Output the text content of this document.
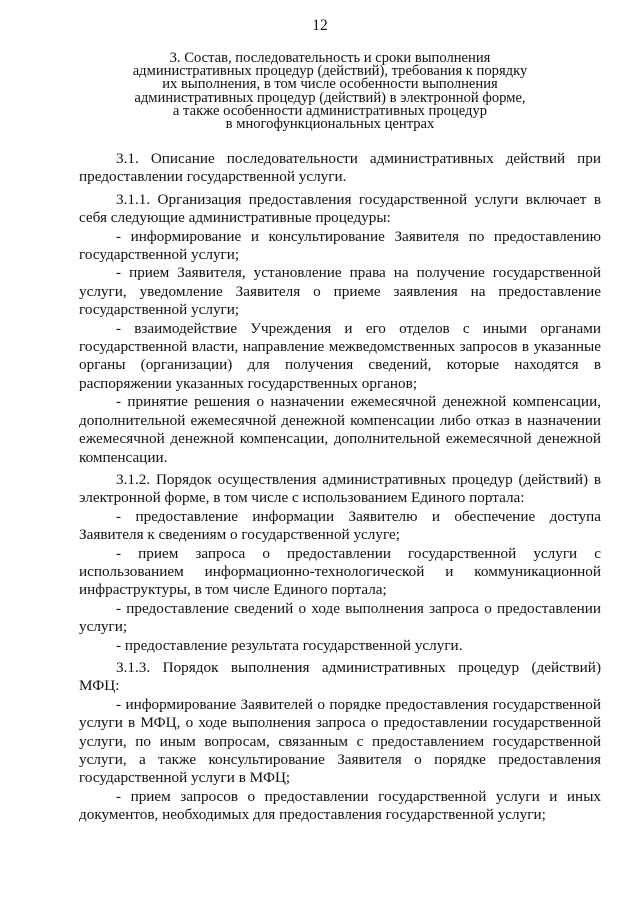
12
3. Состав, последовательность и сроки выполнения
административных процедур (действий), требования к порядку
их выполнения, в том числе особенности выполнения
административных процедур (действий) в электронной форме,
а также особенности административных процедур
в многофункциональных центрах

3.1. Описание последовательности административных действий при предоставлении государственной услуги.

3.1.1. Организация предоставления государственной услуги включает в себя следующие административные процедуры:

- информирование и консультирование Заявителя по предоставлению государственной услуги;

- прием Заявителя, установление права на получение государственной услуги, уведомление Заявителя о приеме заявления на предоставление государственной услуги;

- взаимодействие Учреждения и его отделов с иными органами государственной власти, направление межведомственных запросов в указанные органы (организации) для получения сведений, которые находятся в распоряжении указанных государственных органов;

- принятие решения о назначении ежемесячной денежной компенсации, дополнительной ежемесячной денежной компенсации либо отказ в назначении ежемесячной денежной компенсации, дополнительной ежемесячной денежной компенсации.

3.1.2. Порядок осуществления административных процедур (действий) в электронной форме, в том числе с использованием Единого портала:

- предоставление информации Заявителю и обеспечение доступа Заявителя к сведениям о государственной услуге;

- прием запроса о предоставлении государственной услуги с использованием информационно-технологической и коммуникационной инфраструктуры, в том числе Единого портала;

- предоставление сведений о ходе выполнения запроса о предоставлении услуги;

- предоставление результата государственной услуги.

3.1.3. Порядок выполнения административных процедур (действий) МФЦ:

- информирование Заявителей о порядке предоставления государственной услуги в МФЦ, о ходе выполнения запроса о предоставлении государственной услуги, по иным вопросам, связанным с предоставлением государственной услуги, а также консультирование Заявителя о порядке предоставления государственной услуги в МФЦ;

- прием запросов о предоставлении государственной услуги и иных документов, необходимых для предоставления государственной услуги;
